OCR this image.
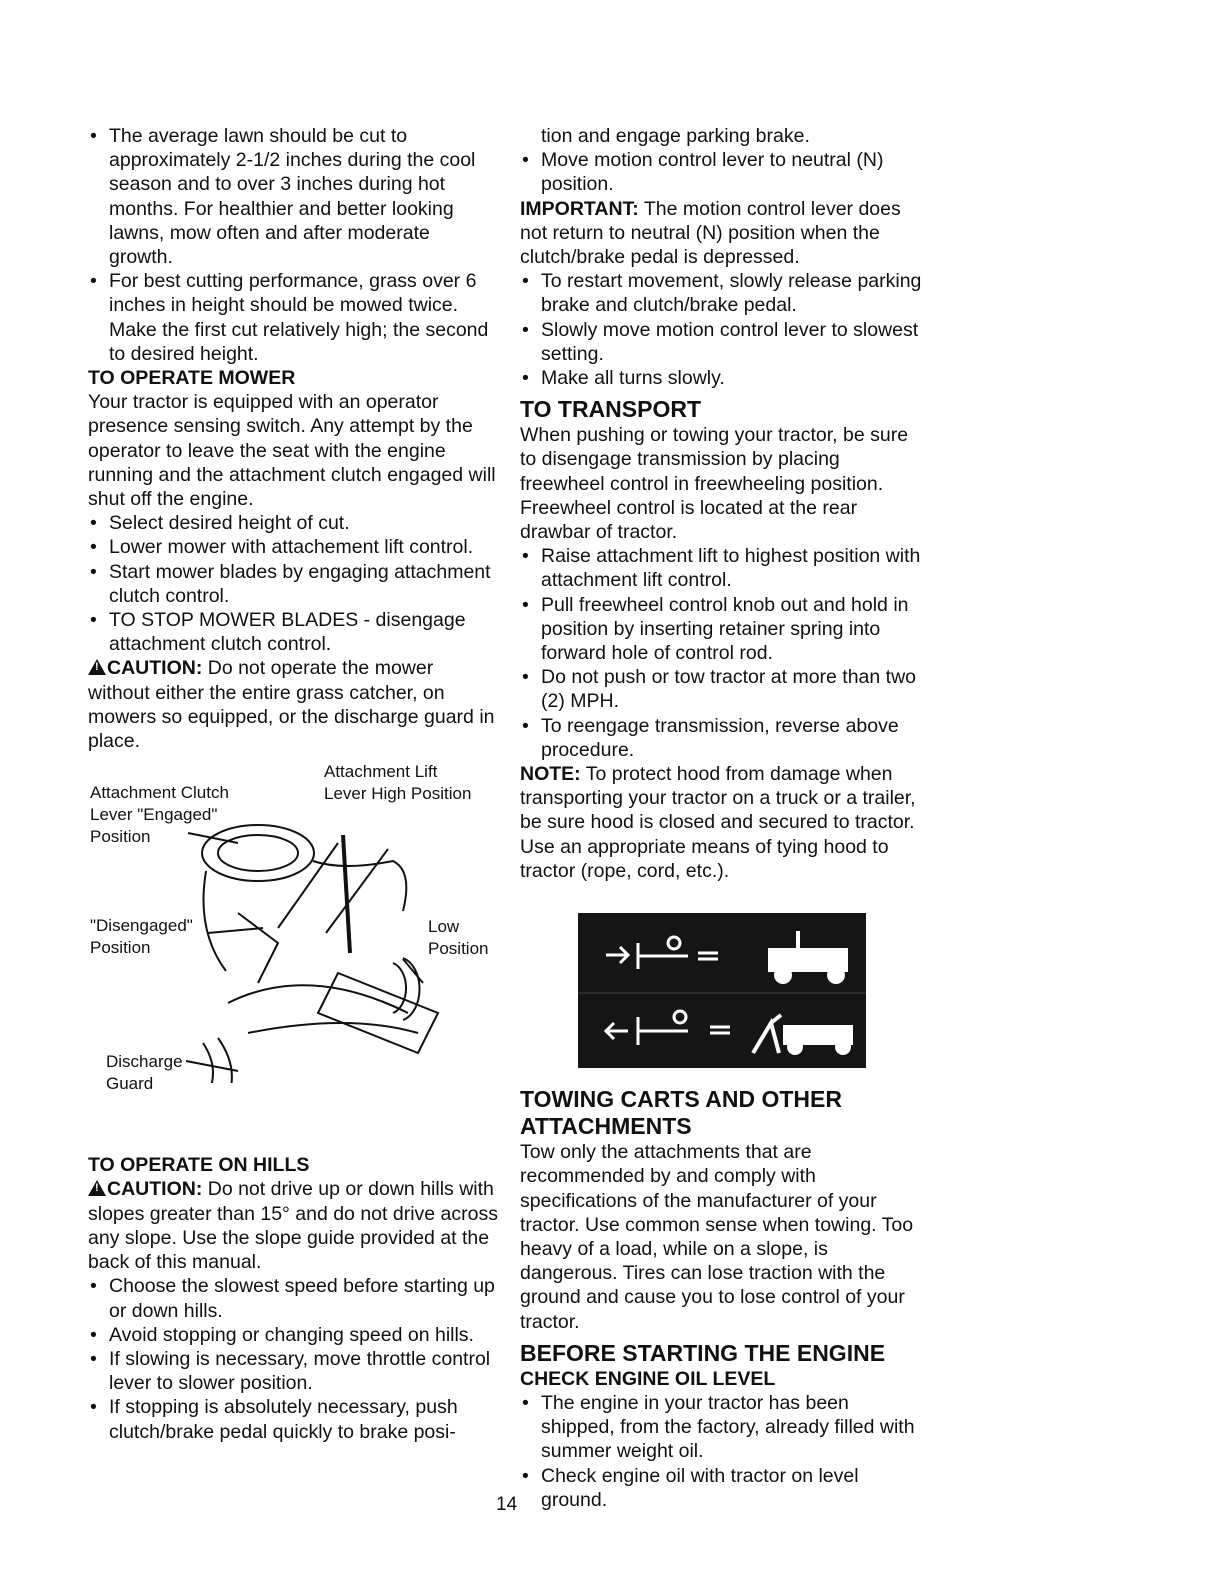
• The average lawn should be cut to approximately 2-1/2 inches during the cool season and to over 3 inches during hot months. For healthier and better looking lawns, mow often and after moderate growth.
• For best cutting performance, grass over 6 inches in height should be mowed twice. Make the first cut relatively high; the second to desired height.
TO OPERATE MOWER

Your tractor is equipped with an operator presence sensing switch. Any attempt by the operator to leave the seat with the engine running and the attachment clutch engaged will shut off the engine.

• Select desired height of cut.
• Lower mower with attachement lift control.
• Start mower blades by engaging attachment clutch control.
• TO STOP MOWER BLADES - disengage attachment clutch control.

!CAUTION: Do not operate the mower without either the entire grass catcher, on mowers so equipped, or the discharge guard in place.

Attachment Lift
Lever High Position
Attachment Clutch
Lever "Engaged"
Position
"Disengaged"
Position
Low
Position
Discharge
Guard
TO OPERATE ON HILLS

!CAUTION: Do not drive up or down hills with slopes greater than 15° and do not drive across any slope. Use the slope guide provided at the back of this manual.

• Choose the slowest speed before starting up or down hills.
• Avoid stopping or changing speed on hills.
• If slowing is necessary, move throttle control lever to slower position.
• If stopping is absolutely necessary, push clutch/brake pedal quickly to brake posi-

tion and engage parking brake.

• Move motion control lever to neutral (N) position.

IMPORTANT: The motion control lever does not return to neutral (N) position when the clutch/brake pedal is depressed.

• To restart movement, slowly release parking brake and clutch/brake pedal.
• Slowly move motion control lever to slowest setting.
• Make all turns slowly.
TO TRANSPORT

When pushing or towing your tractor, be sure to disengage transmission by placing freewheel control in freewheeling position. Freewheel control is located at the rear drawbar of tractor.

• Raise attachment lift to highest position with attachment lift control.
• Pull freewheel control knob out and hold in position by inserting retainer spring into forward hole of control rod.
• Do not push or tow tractor at more than two (2) MPH.
• To reengage transmission, reverse above procedure.

NOTE: To protect hood from damage when transporting your tractor on a truck or a trailer, be sure hood is closed and secured to tractor. Use an appropriate means of tying hood to tractor (rope, cord, etc.).

TOWING CARTS AND OTHER ATTACHMENTS

Tow only the attachments that are recommended by and comply with specifications of the manufacturer of your tractor. Use common sense when towing. Too heavy of a load, while on a slope, is dangerous. Tires can lose traction with the ground and cause you to lose control of your tractor.

BEFORE STARTING THE ENGINE
CHECK ENGINE OIL LEVEL
• The engine in your tractor has been shipped, from the factory, already filled with summer weight oil.
• Check engine oil with tractor on level ground.
14
